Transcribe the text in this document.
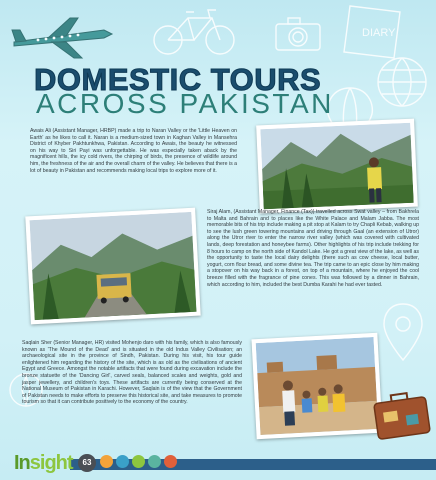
DIARY
DOMESTIC TOURS
ACROSS PAKISTAN

Awais Ali (Assistant Manager, HRBP) made a trip to Naran Valley or the 'Little Heaven on Earth' as he likes to call it. Naran is a medium-sized town in Kaghan Valley in Mansehra District of Khyber Pakhtunkhwa, Pakistan. According to Awais, the beauty he witnessed on his way to Siri Payi was unforgettable. He was especially taken aback by the magnificent hills, the icy cold rivers, the chirping of birds, the presence of wildlife around him, the freshness of the air and the overall charm of the valley. He believes that there is a lot of beauty in Pakistan and recommends making local trips to explore more of it.

Siraj Alam, (Assistant Manager, Finance (Tax)) travelled across Swat valley – from Bakhrela to Malta and Bahrain and to places like the White Palace and Malam Jabba. The most memorable bits of his trip include making a pit stop at Kalam to try Chapli Kebab, walking up to see the lush green towering mountains and driving through Gaal (an extension of Utror) along the Utror river to enter the narrow river valley (which was covered with cultivated lands, deep forestation and honeybee farms). Other highlights of his trip include trekking for 8 hours to camp on the north side of Kandol Lake. He got a great view of the lake, as well as the opportunity to taste the local dairy delights (there such as cow cheese, local butter, yogurt, corn flour bread, and some divine tea. The trip came to an epic close by him making a stopover on his way back in a forest, on top of a mountain, where he enjoyed the cool breeze filled with the fragrance of pine cones. This was followed by a dinner in Bahrain, which according to him, included the best Dumba Karahi he had ever tasted.

Saqlain Sher (Senior Manager, HR) visited Mohenjo daro with his family, which is also famously known as 'The Mound of the Dead' and is situated in the old Indus Valley Civilisation; an archaeological site in the province of Sindh, Pakistan. During his visit, his tour guide enlightened him regarding the history of the site, which is as old as the civilisations of ancient Egypt and Greece. Amongst the notable artifacts that were found during excavation include the bronze statuette of the 'Dancing Girl', carved seals, balanced scales and weights, gold and jasper jewellery, and children's toys. These artifacts are currently being conserved at the National Museum of Pakistan in Karachi. However, Saqlain is of the view that the Government of Pakistan needs to make efforts to preserve this historical site, and take measures to promote tourism so that it can contribute positively to the economy of the country.

Insight	63
